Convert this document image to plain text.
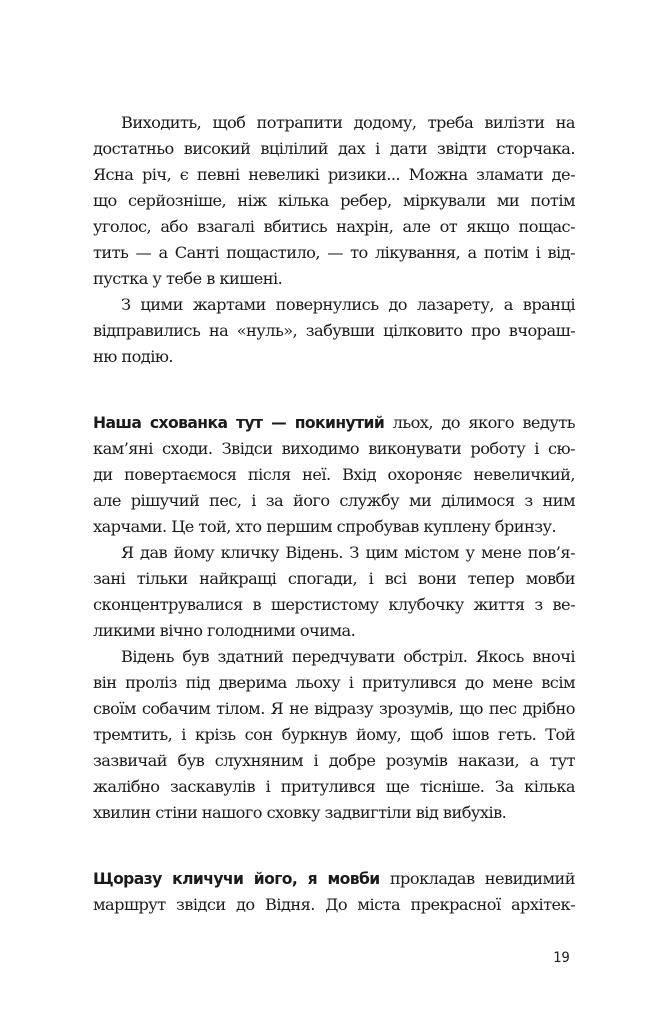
Виходить, щоб потрапити додому, треба вилізти на
достатньо високий вцілілий дах і дати звідти сторчака.
Ясна річ, є певні невеликі ризики... Можна зламати де-
що серйозніше, ніж кілька ребер, міркували ми потім
уголос, або взагалі вбитись нахрін, але от якщо пощас-
тить — а Санті пощастило, — то лікування, а потім і від-
пустка у тебе в кишені.
З цими жартами повернулись до лазарету, а вранці
відправились на «нуль», забувши цілковито про вчораш-
ню подію.
Наша схованка тут — покинутий льох, до якого ведуть
кам’яні сходи. Звідси виходимо виконувати роботу і сю-
ди повертаємося після неї. Вхід охороняє невеличкий,
але рішучий пес, і за його службу ми ділимося з ним
харчами. Це той, хто першим спробував куплену бринзу.
Я дав йому кличку Відень. З цим містом у мене пов’я-
зані тільки найкращі спогади, і всі вони тепер мовби
сконцентрувалися в шерстистому клубочку життя з ве-
ликими вічно голодними очима.
Відень був здатний передчувати обстріл. Якось вночі
він проліз під дверима льоху і притулився до мене всім
своїм собачим тілом. Я не відразу зрозумів, що пес дрібно
тремтить, і крізь сон буркнув йому, щоб ішов геть. Той
зазвичай був слухняним і добре розумів накази, а тут
жалібно заскавулів і притулився ще тісніше. За кілька
хвилин стіни нашого сховку задвигтіли від вибухів.
Щоразу кличучи його, я мовби прокладав невидимий
маршрут звідси до Відня. До міста прекрасної архітек-
19
